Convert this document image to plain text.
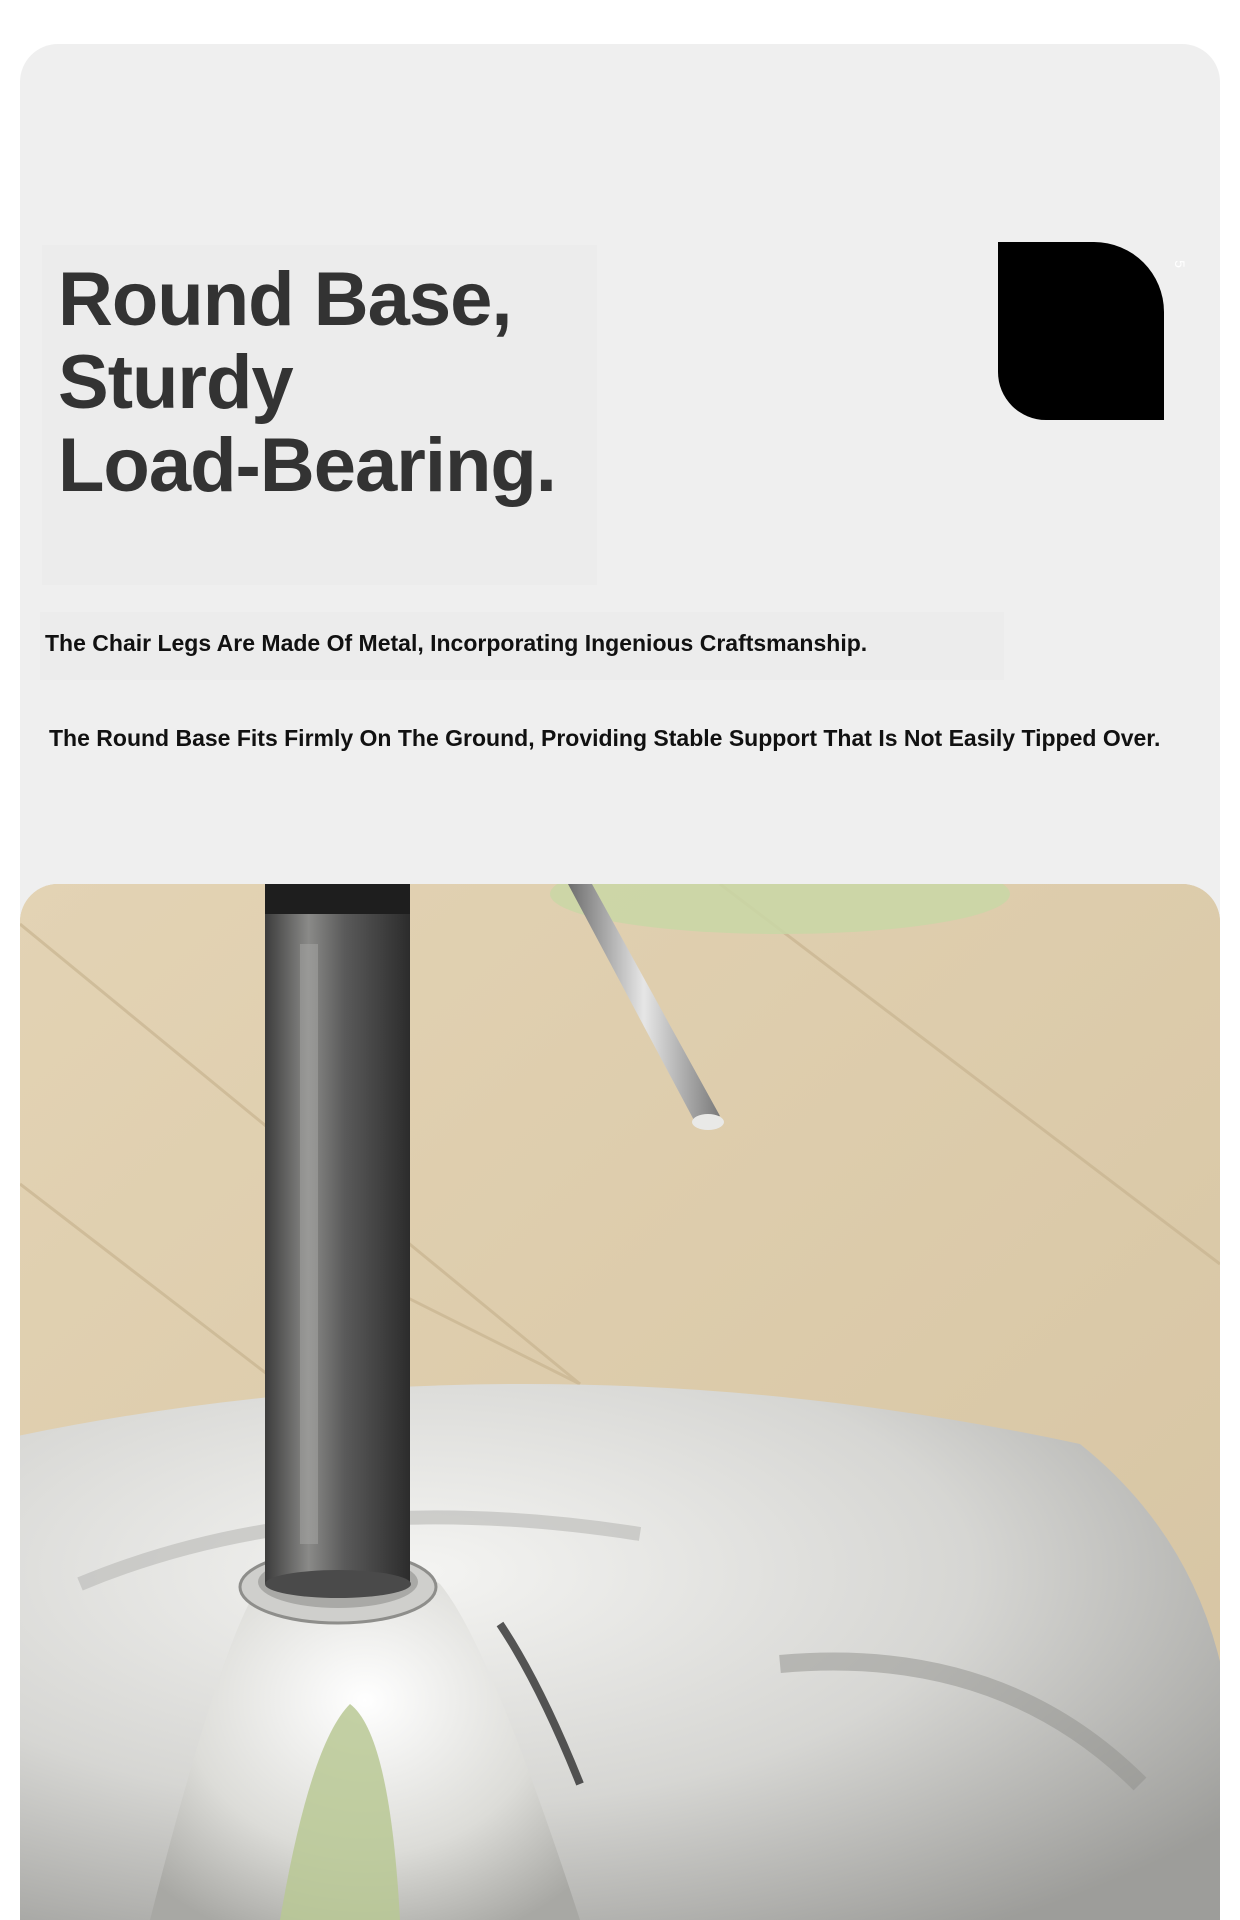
Round Base,
Sturdy
Load-Bearing.
5

The Chair Legs Are Made Of Metal, Incorporating Ingenious Craftsmanship.

The Round Base Fits Firmly On The Ground, Providing Stable Support That Is Not Easily Tipped Over.
